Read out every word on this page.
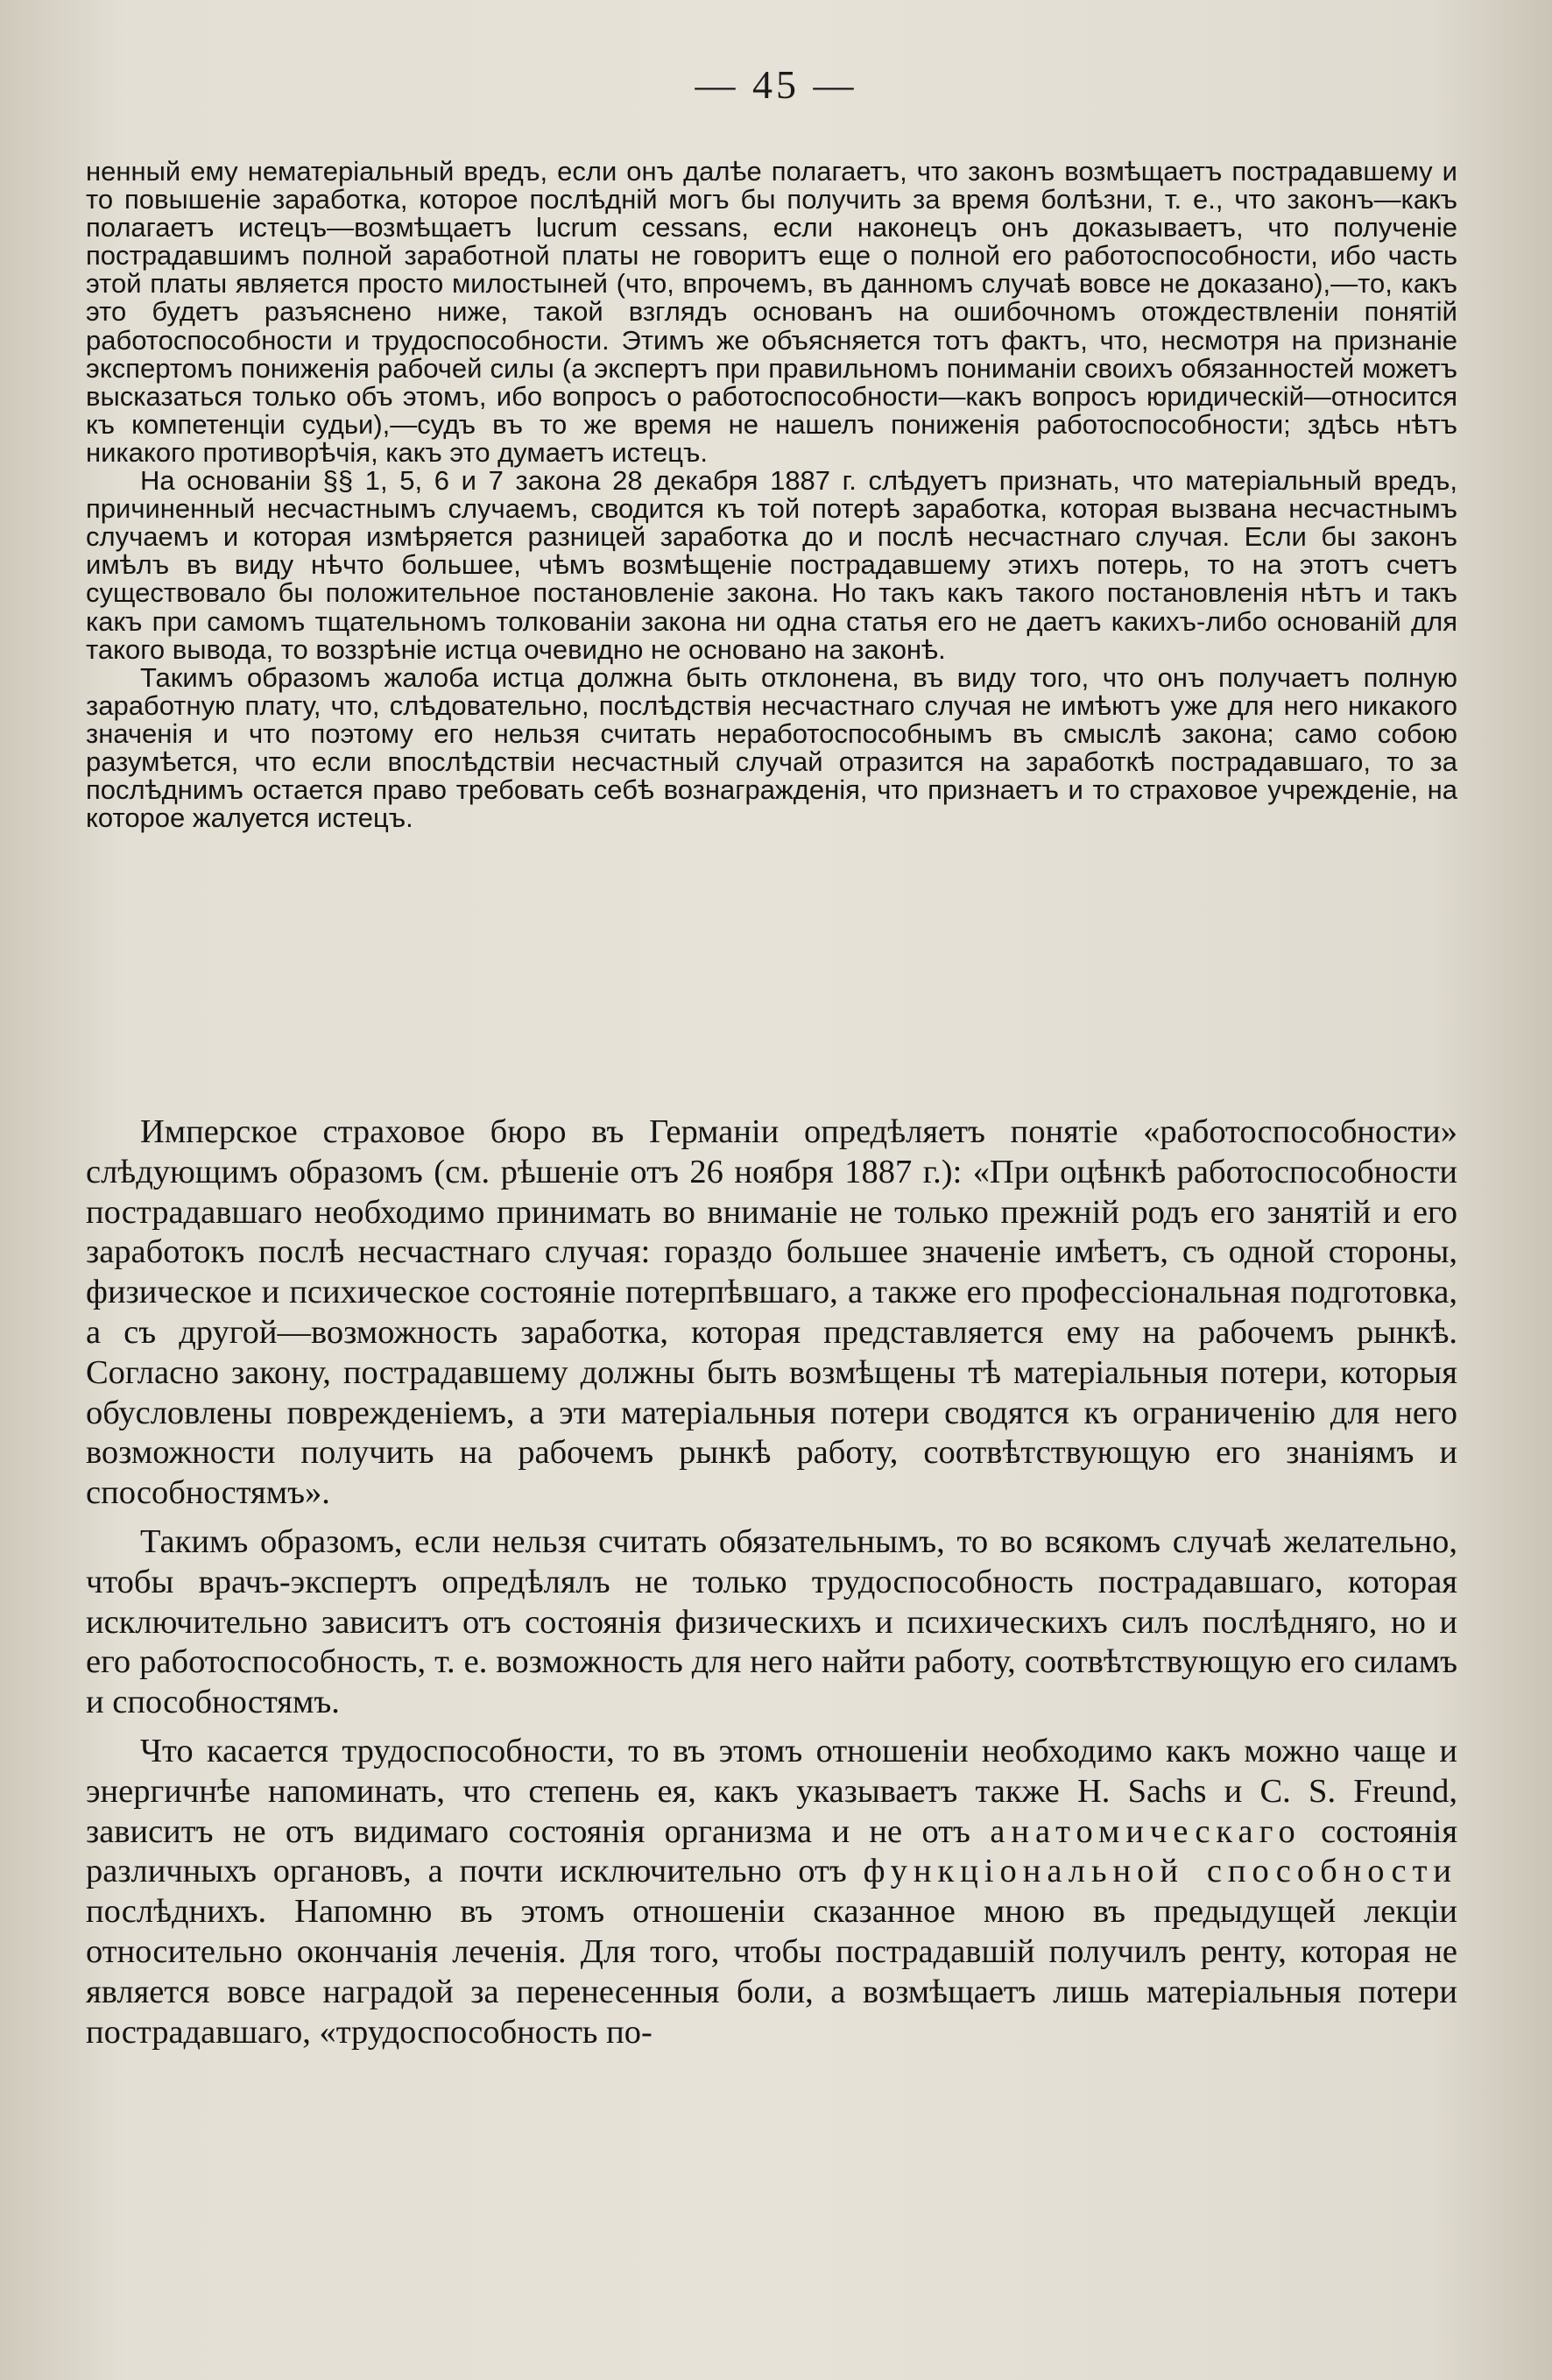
— 45 —

ненный ему нематеріальный вредъ, если онъ далѣе полагаетъ, что законъ возмѣщаетъ пострадавшему и то повышеніе заработка, которое послѣдній могъ бы получить за время болѣзни, т. е., что законъ—какъ полагаетъ истецъ—возмѣщаетъ lucrum cessans, если наконецъ онъ доказываетъ, что полученіе пострадавшимъ полной заработной платы не говоритъ еще о полной его работоспособности, ибо часть этой платы является просто милостыней (что, впрочемъ, въ данномъ случаѣ вовсе не доказано),—то, какъ это будетъ разъяснено ниже, такой взглядъ основанъ на ошибочномъ отождествленіи понятій работоспособности и трудоспособности. Этимъ же объясняется тотъ фактъ, что, несмотря на признаніе экспертомъ пониженія рабочей силы (а экспертъ при правильномъ пониманіи своихъ обязанностей можетъ высказаться только объ этомъ, ибо вопросъ о работоспособности—какъ вопросъ юридическій—относится къ компетенціи судьи),—судъ въ то же время не нашелъ пониженія работоспособности; здѣсь нѣтъ никакого противорѣчія, какъ это думаетъ истецъ.

На основаніи §§ 1, 5, 6 и 7 закона 28 декабря 1887 г. слѣдуетъ признать, что матеріальный вредъ, причиненный несчастнымъ случаемъ, сводится къ той потерѣ заработка, которая вызвана несчастнымъ случаемъ и которая измѣряется разницей заработка до и послѣ несчастнаго случая. Если бы законъ имѣлъ въ виду нѣчто большее, чѣмъ возмѣщеніе пострадавшему этихъ потерь, то на этотъ счетъ существовало бы положительное постановленіе закона. Но такъ какъ такого постановленія нѣтъ и такъ какъ при самомъ тщательномъ толкованіи закона ни одна статья его не даетъ какихъ-либо основаній для такого вывода, то воззрѣніе истца очевидно не основано на законѣ.

Такимъ образомъ жалоба истца должна быть отклонена, въ виду того, что онъ получаетъ полную заработную плату, что, слѣдовательно, послѣдствія несчастнаго случая не имѣютъ уже для него никакого значенія и что поэтому его нельзя считать неработоспособнымъ въ смыслѣ закона; само собою разумѣется, что если впослѣдствіи несчастный случай отразится на заработкѣ пострадавшаго, то за послѣднимъ остается право требовать себѣ вознагражденія, что признаетъ и то страховое учрежденіе, на которое жалуется истецъ.

Имперское страховое бюро въ Германіи опредѣляетъ понятіе «работоспособности» слѣдующимъ образомъ (см. рѣшеніе отъ 26 ноября 1887 г.): «При оцѣнкѣ работоспособности пострадавшаго необходимо принимать во вниманіе не только прежній родъ его занятій и его заработокъ послѣ несчастнаго случая: гораздо большее значеніе имѣетъ, съ одной стороны, физическое и психическое состояніе потерпѣвшаго, а также его профессіональная подготовка, а съ другой—возможность заработка, которая представляется ему на рабочемъ рынкѣ. Согласно закону, пострадавшему должны быть возмѣщены тѣ матеріальныя потери, которыя обусловлены поврежденіемъ, а эти матеріальныя потери сводятся къ ограниченію для него возможности получить на рабочемъ рынкѣ работу, соотвѣтствующую его знаніямъ и способностямъ».

Такимъ образомъ, если нельзя считать обязательнымъ, то во всякомъ случаѣ желательно, чтобы врачъ-экспертъ опредѣлялъ не только трудоспособность пострадавшаго, которая исключительно зависитъ отъ состоянія физическихъ и психическихъ силъ послѣдняго, но и его работоспособность, т. е. возможность для него найти работу, соотвѣтствующую его силамъ и способностямъ.

Что касается трудоспособности, то въ этомъ отношеніи необходимо какъ можно чаще и энергичнѣе напоминать, что степень ея, какъ указываетъ также H. Sachs и C. S. Freund, зависитъ не отъ видимаго состоянія организма и не отъ анатомическаго состоянія различныхъ органовъ, а почти исключительно отъ функціональной способности послѣднихъ. Напомню въ этомъ отношеніи сказанное мною въ предыдущей лекціи относительно окончанія леченія. Для того, чтобы пострадавшій получилъ ренту, которая не является вовсе наградой за перенесенныя боли, а возмѣщаетъ лишь матеріальныя потери пострадавшаго, «трудоспособность по-
